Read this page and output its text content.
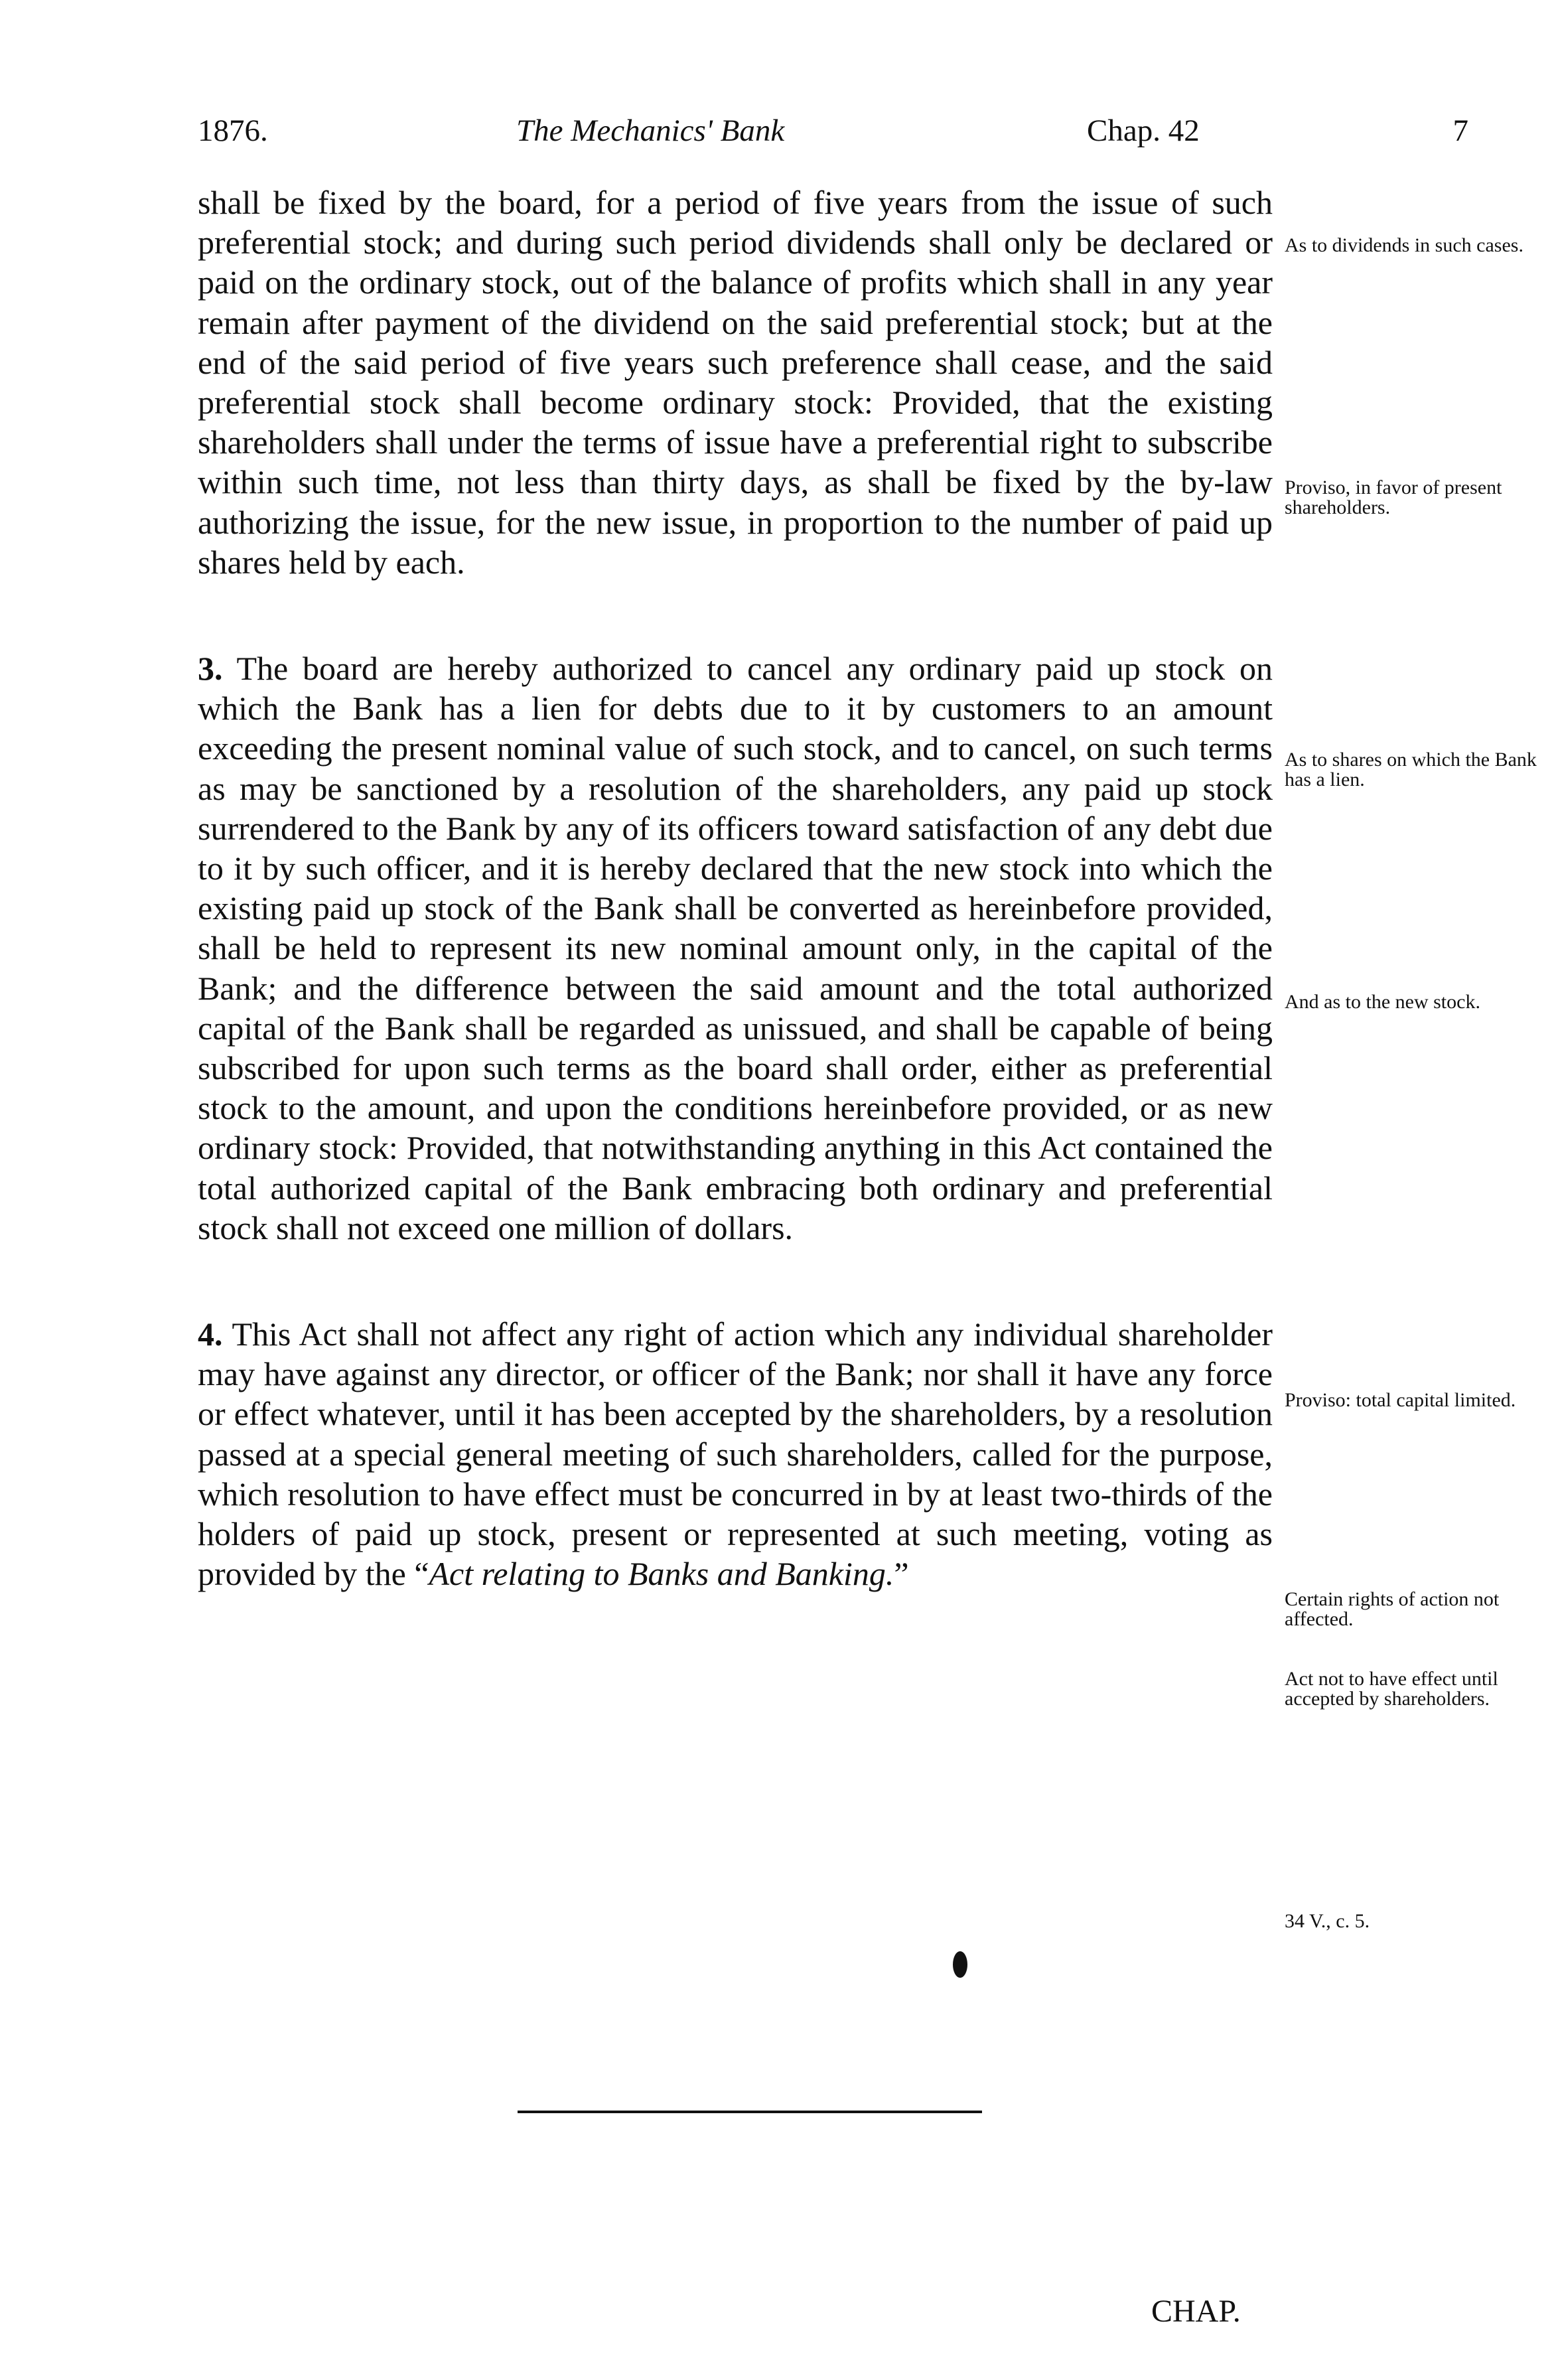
1876.	The Mechanics' Bank	Chap. 42	7

shall be fixed by the board, for a period of five years from the issue of such preferential stock; and during such period dividends shall only be declared or paid on the ordinary stock, out of the balance of profits which shall in any year remain after payment of the dividend on the said preferential stock; but at the end of the said period of five years such preference shall cease, and the said preferential stock shall become ordinary stock: Provided, that the existing shareholders shall under the terms of issue have a preferential right to subscribe within such time, not less than thirty days, as shall be fixed by the by-law authorizing the issue, for the new issue, in proportion to the number of paid up shares held by each.

3. The board are hereby authorized to cancel any ordinary paid up stock on which the Bank has a lien for debts due to it by customers to an amount exceeding the present nominal value of such stock, and to cancel, on such terms as may be sanctioned by a resolution of the shareholders, any paid up stock surrendered to the Bank by any of its officers toward satisfaction of any debt due to it by such officer, and it is hereby declared that the new stock into which the existing paid up stock of the Bank shall be converted as hereinbefore provided, shall be held to represent its new nominal amount only, in the capital of the Bank; and the difference between the said amount and the total authorized capital of the Bank shall be regarded as unissued, and shall be capable of being subscribed for upon such terms as the board shall order, either as preferential stock to the amount, and upon the conditions hereinbefore provided, or as new ordinary stock: Provided, that notwithstanding anything in this Act contained the total authorized capital of the Bank embracing both ordinary and preferential stock shall not exceed one million of dollars.

4. This Act shall not affect any right of action which any individual shareholder may have against any director, or officer of the Bank; nor shall it have any force or effect whatever, until it has been accepted by the shareholders, by a resolution passed at a special general meeting of such shareholders, called for the purpose, which resolution to have effect must be concurred in by at least two-thirds of the holders of paid up stock, present or represented at such meeting, voting as provided by the “Act relating to Banks and Banking.”

As to dividends in such cases.

Proviso, in favor of present shareholders.

As to shares on which the Bank has a lien.

And as to the new stock.

Proviso: total capital limited.

Certain rights of action not affected.

Act not to have effect until accepted by shareholders.

34 V., c. 5.

CHAP.
